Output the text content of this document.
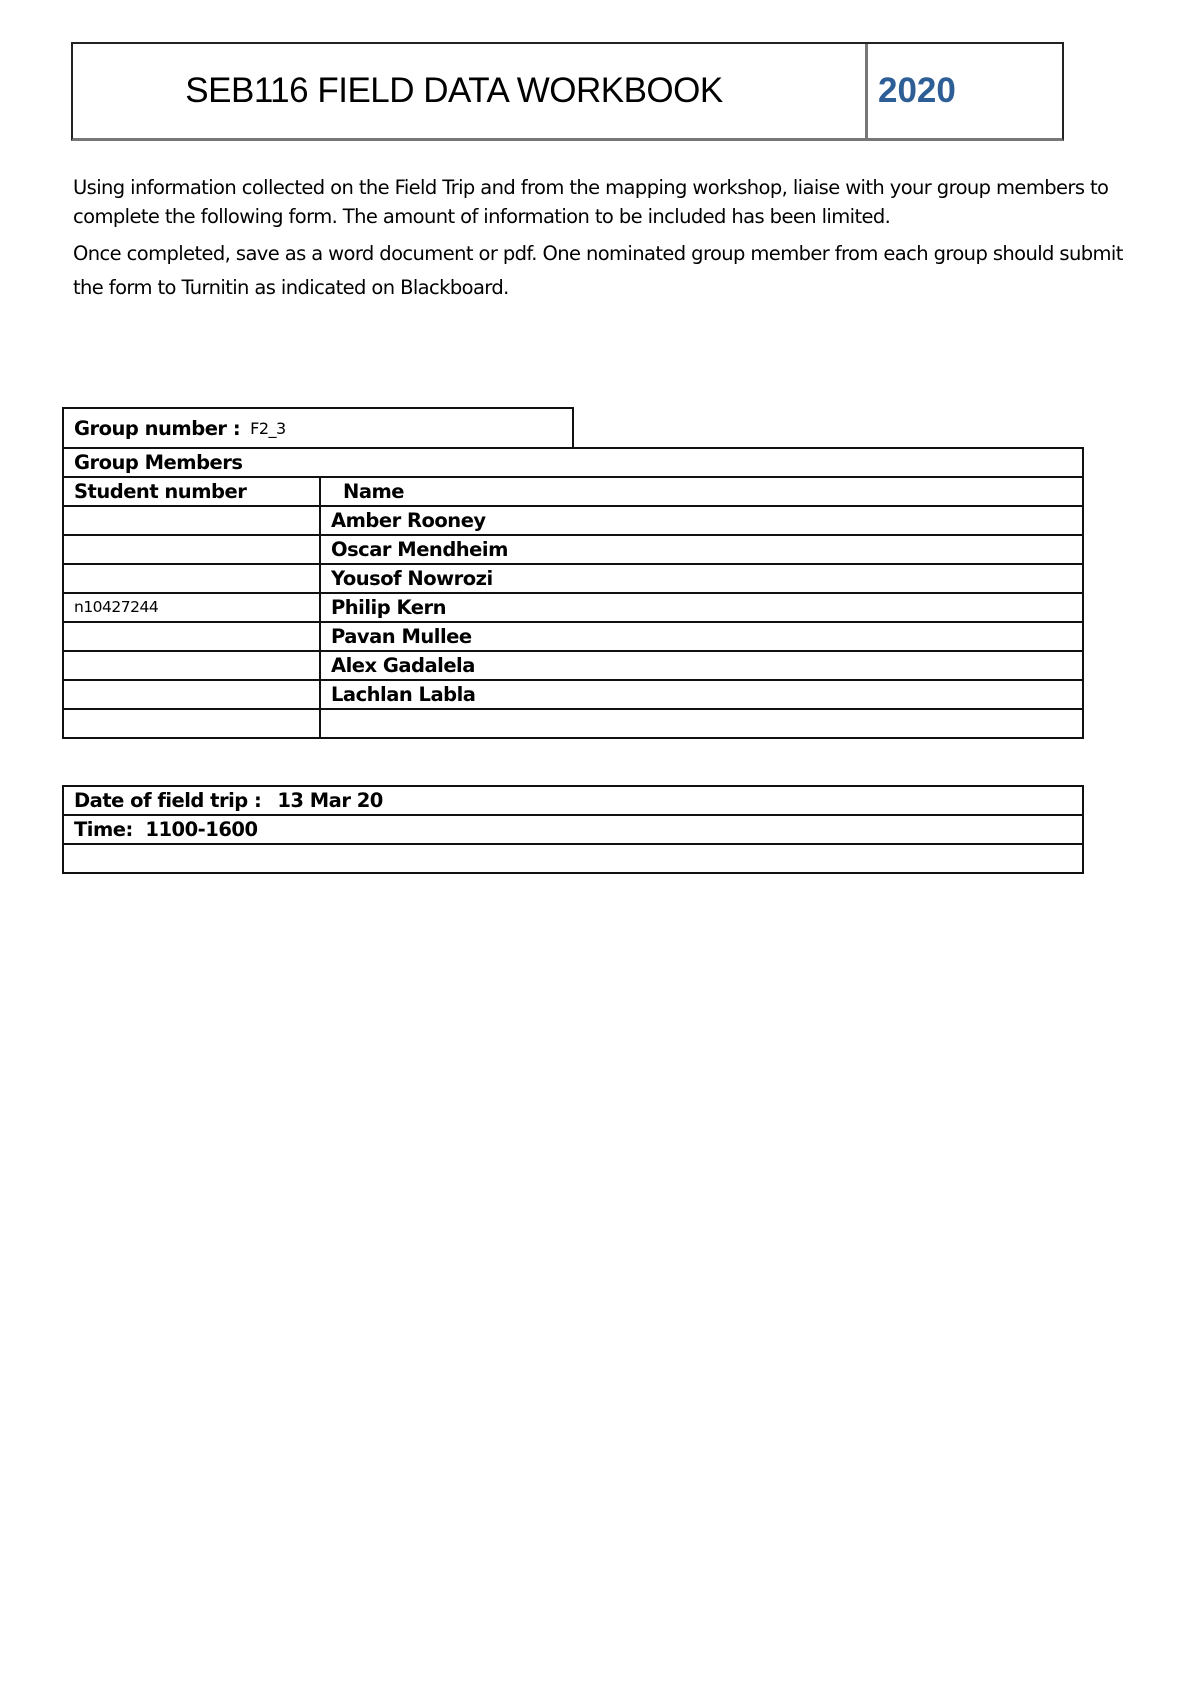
SEB116 FIELD DATA WORKBOOK	2020

Using information collected on the Field Trip and from the mapping workshop, liaise with your group members to complete the following form. The amount of information to be included has been limited.

Once completed, save as a word document or pdf. One nominated group member from each group should submit the form to Turnitin as indicated on Blackboard.

Group number : F2_3
Group Members	
Student number	Name
	Amber Rooney
	Oscar Mendheim
	Yousof Nowrozi
n10427244	Philip Kern
	Pavan Mullee
	Alex Gadalela
	Lachlan Labla

Date of field trip : 13 Mar 20
Time: 1100-1600
